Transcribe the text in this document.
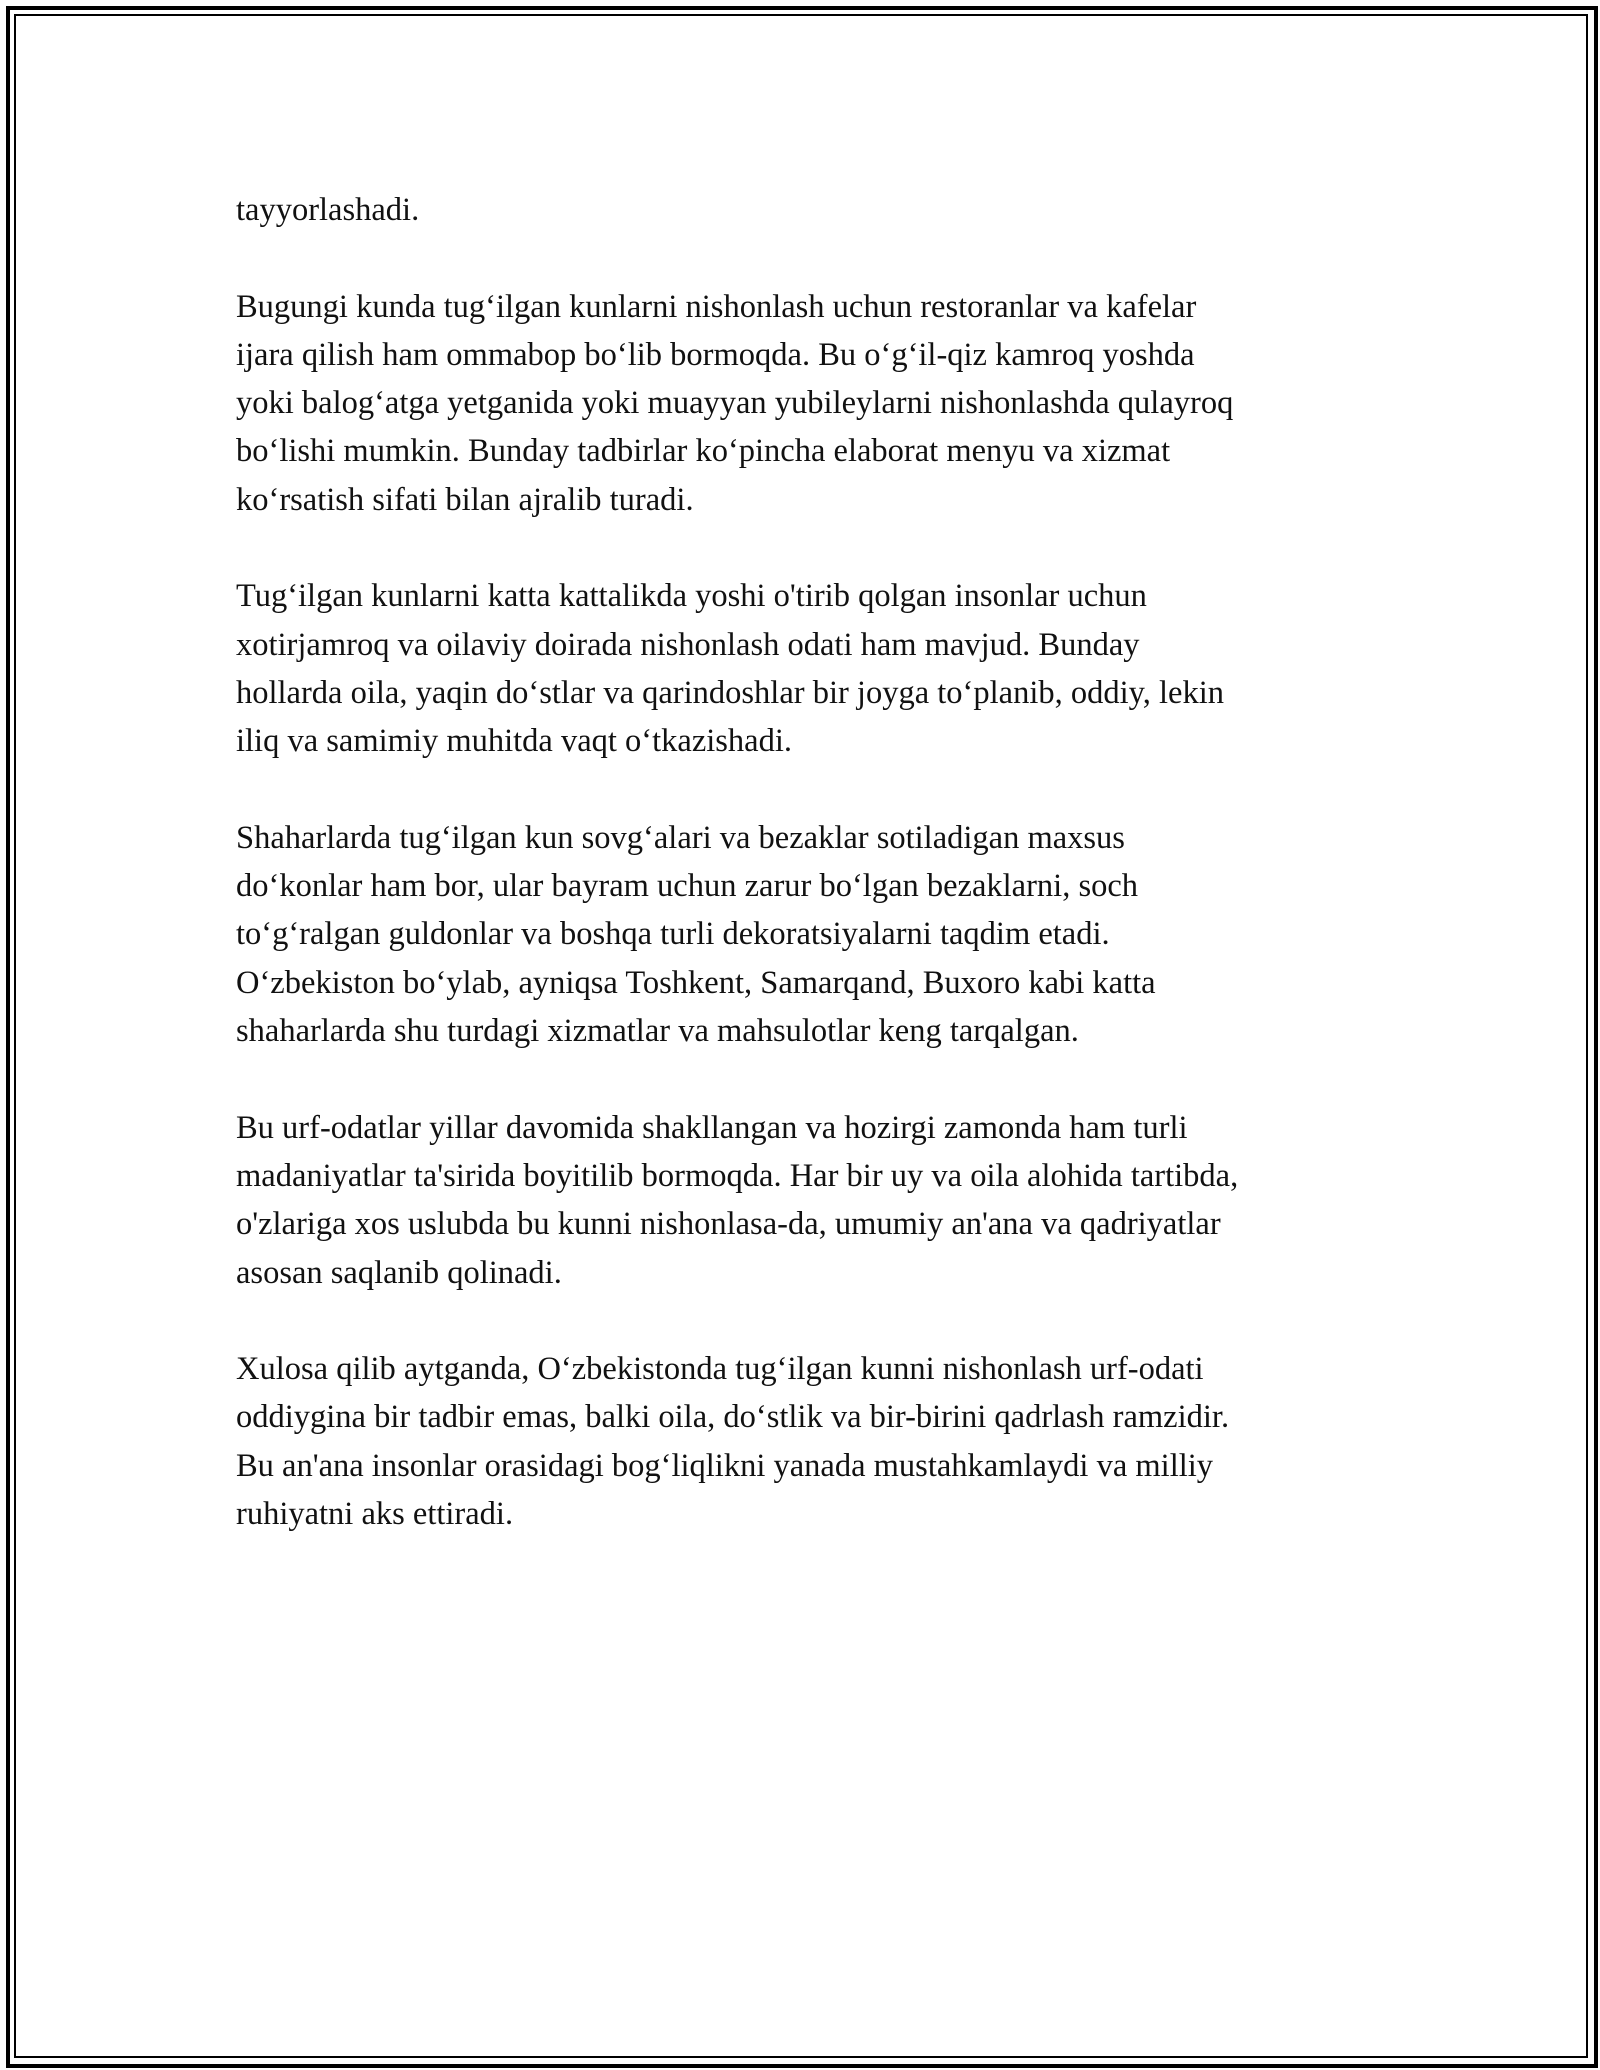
tayyorlashadi.

Bugungi kunda tug‘ilgan kunlarni nishonlash uchun restoranlar va kafelar
ijara qilish ham ommabop bo‘lib bormoqda. Bu o‘g‘il-qiz kamroq yoshda
yoki balog‘atga yetganida yoki muayyan yubileylarni nishonlashda qulayroq
bo‘lishi mumkin. Bunday tadbirlar ko‘pincha elaborat menyu va xizmat
ko‘rsatish sifati bilan ajralib turadi.

Tug‘ilgan kunlarni katta kattalikda yoshi o'tirib qolgan insonlar uchun
xotirjamroq va oilaviy doirada nishonlash odati ham mavjud. Bunday
hollarda oila, yaqin do‘stlar va qarindoshlar bir joyga to‘planib, oddiy, lekin
iliq va samimiy muhitda vaqt o‘tkazishadi.

Shaharlarda tug‘ilgan kun sovg‘alari va bezaklar sotiladigan maxsus
do‘konlar ham bor, ular bayram uchun zarur bo‘lgan bezaklarni, soch
to‘g‘ralgan guldonlar va boshqa turli dekoratsiyalarni taqdim etadi.
O‘zbekiston bo‘ylab, ayniqsa Toshkent, Samarqand, Buxoro kabi katta
shaharlarda shu turdagi xizmatlar va mahsulotlar keng tarqalgan.

Bu urf-odatlar yillar davomida shakllangan va hozirgi zamonda ham turli
madaniyatlar ta'sirida boyitilib bormoqda. Har bir uy va oila alohida tartibda,
o'zlariga xos uslubda bu kunni nishonlasa-da, umumiy an'ana va qadriyatlar
asosan saqlanib qolinadi.

Xulosa qilib aytganda, O‘zbekistonda tug‘ilgan kunni nishonlash urf-odati
oddiygina bir tadbir emas, balki oila, do‘stlik va bir-birini qadrlash ramzidir.
Bu an'ana insonlar orasidagi bog‘liqlikni yanada mustahkamlaydi va milliy
ruhiyatni aks ettiradi.
